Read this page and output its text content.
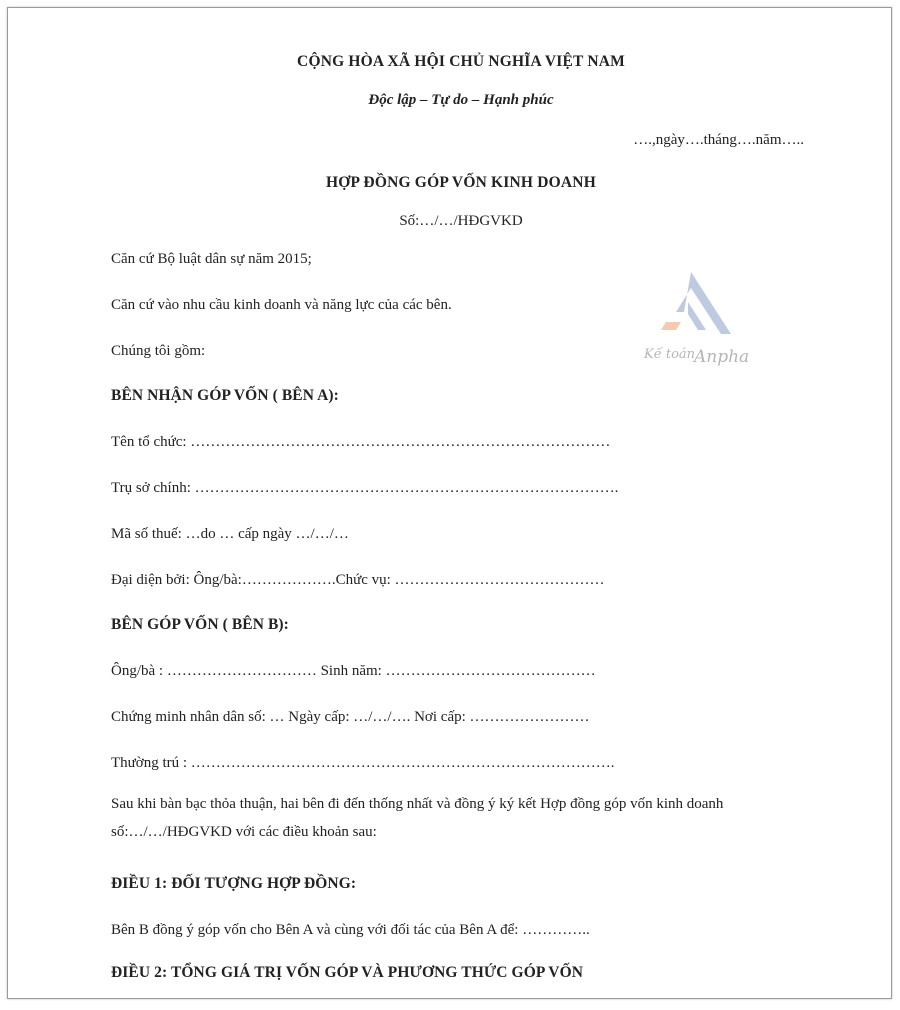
CỘNG HÒA XÃ HỘI CHỦ NGHĨA VIỆT NAM
Độc lập – Tự do – Hạnh phúc
….,ngày….tháng….năm…..
HỢP ĐỒNG GÓP VỐN KINH DOANH
Số:…/…/HĐGVKD
Căn cứ Bộ luật dân sự năm 2015;
Căn cứ vào nhu cầu kinh doanh và năng lực của các bên.
Chúng tôi gồm:
BÊN NHẬN GÓP VỐN ( BÊN A):
Tên tổ chức: …………………………………………………………………………
Trụ sở chính: ………………………………………………………………………….
Mã số thuế: …do … cấp ngày …/…/…
Đại diện bởi: Ông/bà:……………….Chức vụ: ……………………………………
BÊN GÓP VỐN ( BÊN B):
Ông/bà : ………………………… Sinh năm: ……………………………………
Chứng minh nhân dân số: … Ngày cấp: …/…/…. Nơi cấp: ……………………
Thường trú : ………………………………………………………………………….
Sau khi bàn bạc thỏa thuận, hai bên đi đến thống nhất và đồng ý ký kết Hợp đồng góp vốn kinh doanh số:…/…/HĐGVKD với các điều khoản sau:
ĐIỀU 1: ĐỐI TƯỢNG HỢP ĐỒNG:
Bên B đồng ý góp vốn cho Bên A và cùng với đối tác của Bên A để: …………..
ĐIỀU 2: TỔNG GIÁ TRỊ VỐN GÓP VÀ PHƯƠNG THỨC GÓP VỐN
Kế toán
Anpha
